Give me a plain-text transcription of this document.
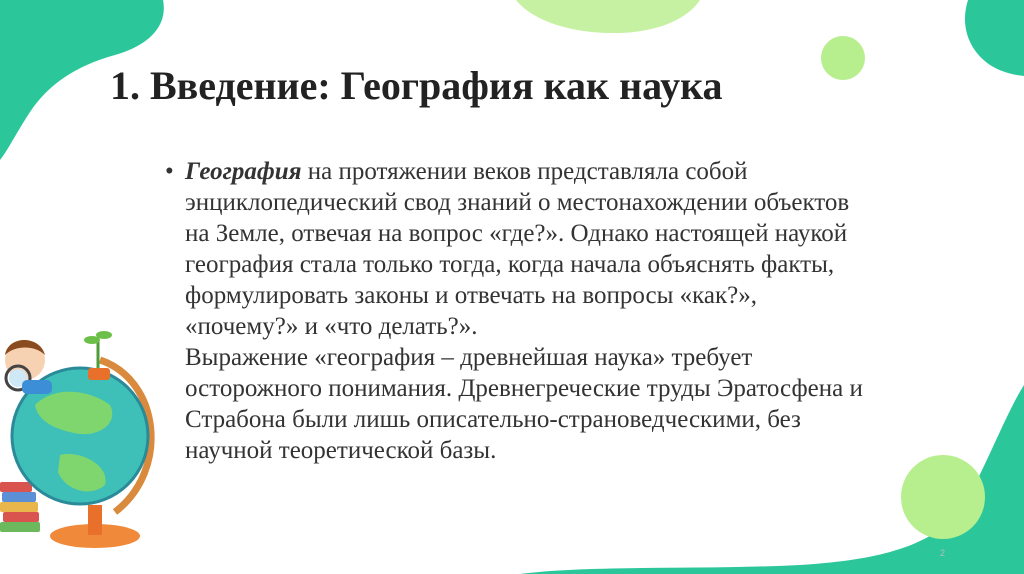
1. Введение: География как наука
• География на протяжении веков представляла собой
энциклопедический свод знаний о местонахождении объектов
на Земле, отвечая на вопрос «где?». Однако настоящей наукой
география стала только тогда, когда начала объяснять факты,
формулировать законы и отвечать на вопросы «как?»,
«почему?» и «что делать?».
Выражение «география – древнейшая наука» требует
осторожного понимания. Древнегреческие труды Эратосфена и
Страбона были лишь описательно-страноведческими, без
научной теоретической базы.
2
